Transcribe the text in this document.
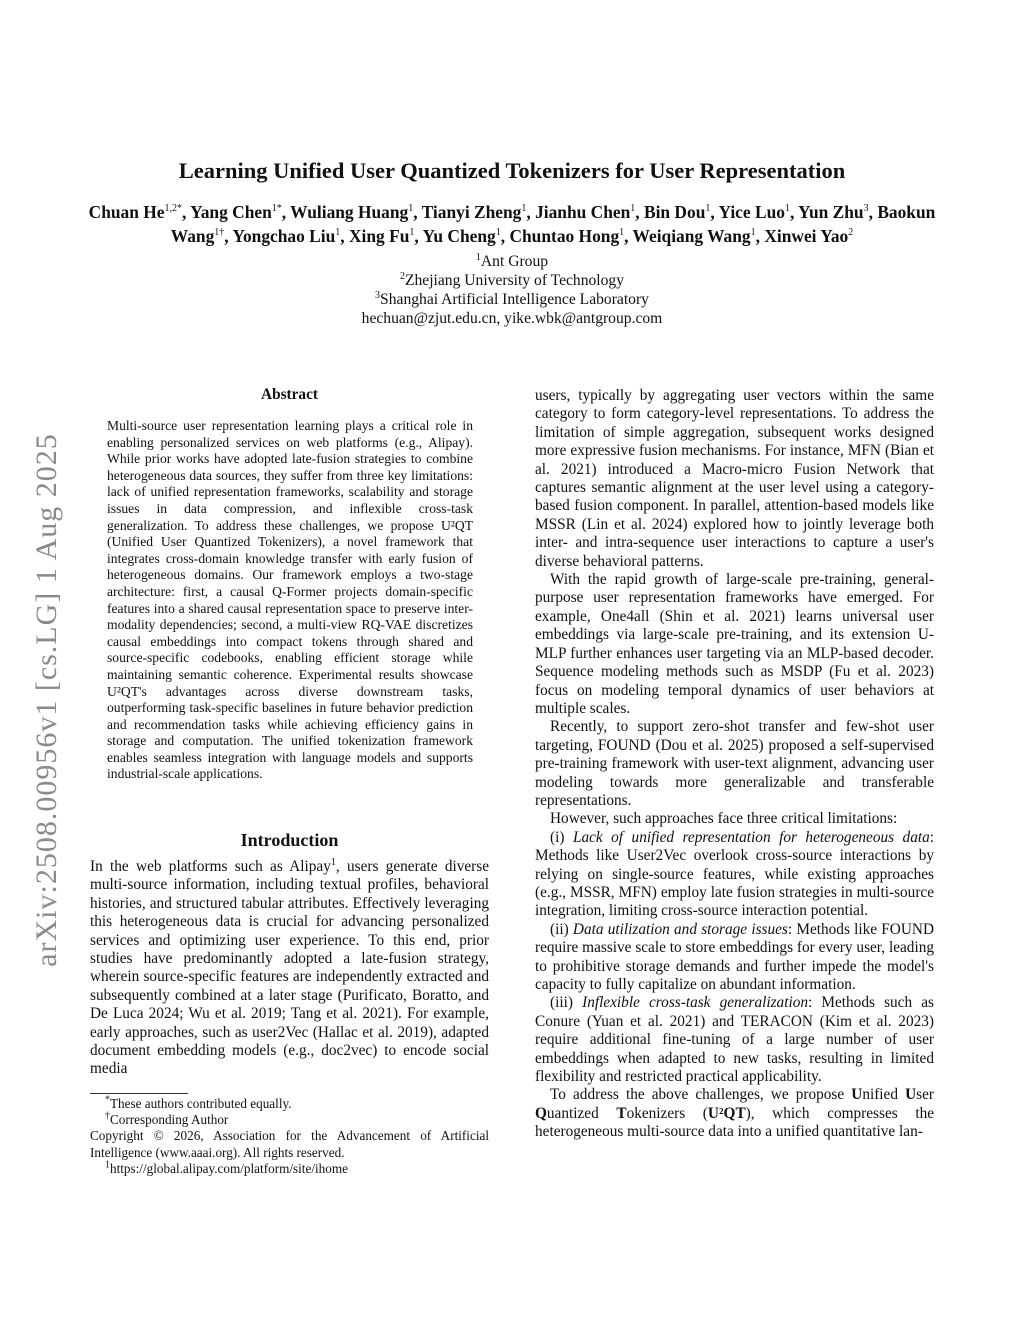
arXiv:2508.00956v1 [cs.LG] 1 Aug 2025
Learning Unified User Quantized Tokenizers for User Representation
Chuan $He^{1,2*}$, Yang Chen$^{1*}$, Wuliang Huang$^1$, Tianyi Zheng$^1$, Jianhu Chen$^1$, Bin Dou$^1$, Yice Luo$^1$, Yun Zhu$^3$, Baokun Wang$^{1\dagger}$, Yongchao Liu$^1$, Xing Fu$^1$, Yu Cheng$^1$, Chuntao Hong$^1$, Weiqiang Wang$^1$, Xinwei Yao$^2$
$^1$Ant Group
$^2$Zhejiang University of Technology
$^3$Shanghai Artificial Intelligence Laboratory
hechuan@zjut.edu.cn, yike.wbk@antgroup.com
Abstract
Multi-source user representation learning plays a critical role in enabling personalized services on web platforms (e.g., Alipay). While prior works have adopted late-fusion strategies to combine heterogeneous data sources, they suffer from three key limitations: lack of unified representation frameworks, scalability and storage issues in data compression, and inflexible cross-task generalization. To address these challenges, we propose U²QT (Unified User Quantized Tokenizers), a novel framework that integrates cross-domain knowledge transfer with early fusion of heterogeneous domains. Our framework employs a two-stage architecture: first, a causal Q-Former projects domain-specific features into a shared causal representation space to preserve inter-modality dependencies; second, a multi-view RQ-VAE discretizes causal embeddings into compact tokens through shared and source-specific codebooks, enabling efficient storage while maintaining semantic coherence. Experimental results showcase U²QT's advantages across diverse downstream tasks, outperforming task-specific baselines in future behavior prediction and recommendation tasks while achieving efficiency gains in storage and computation. The unified tokenization framework enables seamless integration with language models and supports industrial-scale applications.
Introduction

In the web platforms such as Alipay$^1$, users generate diverse multi-source information, including textual profiles, behavioral histories, and structured tabular attributes. Effectively leveraging this heterogeneous data is crucial for advancing personalized services and optimizing user experience. To this end, prior studies have predominantly adopted a late-fusion strategy, wherein source-specific features are independently extracted and subsequently combined at a later stage (Purificato, Boratto, and De Luca 2024; Wu et al. 2019; Tang et al. 2021). For example, early approaches, such as user2Vec (Hallac et al. 2019), adapted document embedding models (e.g., doc2vec) to encode social media

*These authors contributed equally.

†Corresponding Author

Copyright © 2026, Association for the Advancement of Artificial Intelligence (www.aaai.org). All rights reserved.

$^1$https://global.alipay.com/platform/site/ihome

users, typically by aggregating user vectors within the same category to form category-level representations. To address the limitation of simple aggregation, subsequent works designed more expressive fusion mechanisms. For instance, MFN (Bian et al. 2021) introduced a Macro-micro Fusion Network that captures semantic alignment at the user level using a category-based fusion component. In parallel, attention-based models like MSSR (Lin et al. 2024) explored how to jointly leverage both inter- and intra-sequence user interactions to capture a user's diverse behavioral patterns.

With the rapid growth of large-scale pre-training, general-purpose user representation frameworks have emerged. For example, One4all (Shin et al. 2021) learns universal user embeddings via large-scale pre-training, and its extension U-MLP further enhances user targeting via an MLP-based decoder. Sequence modeling methods such as MSDP (Fu et al. 2023) focus on modeling temporal dynamics of user behaviors at multiple scales.

Recently, to support zero-shot transfer and few-shot user targeting, FOUND (Dou et al. 2025) proposed a self-supervised pre-training framework with user-text alignment, advancing user modeling towards more generalizable and transferable representations.

However, such approaches face three critical limitations:

(i) Lack of unified representation for heterogeneous data: Methods like User2Vec overlook cross-source interactions by relying on single-source features, while existing approaches (e.g., MSSR, MFN) employ late fusion strategies in multi-source integration, limiting cross-source interaction potential.

(ii) Data utilization and storage issues: Methods like FOUND require massive scale to store embeddings for every user, leading to prohibitive storage demands and further impede the model's capacity to fully capitalize on abundant information.

(iii) Inflexible cross-task generalization: Methods such as Conure (Yuan et al. 2021) and TERACON (Kim et al. 2023) require additional fine-tuning of a large number of user embeddings when adapted to new tasks, resulting in limited flexibility and restricted practical applicability.

To address the above challenges, we propose Unified User Quantized Tokenizers (U²QT), which compresses the heterogeneous multi-source data into a unified quantitative lan-
